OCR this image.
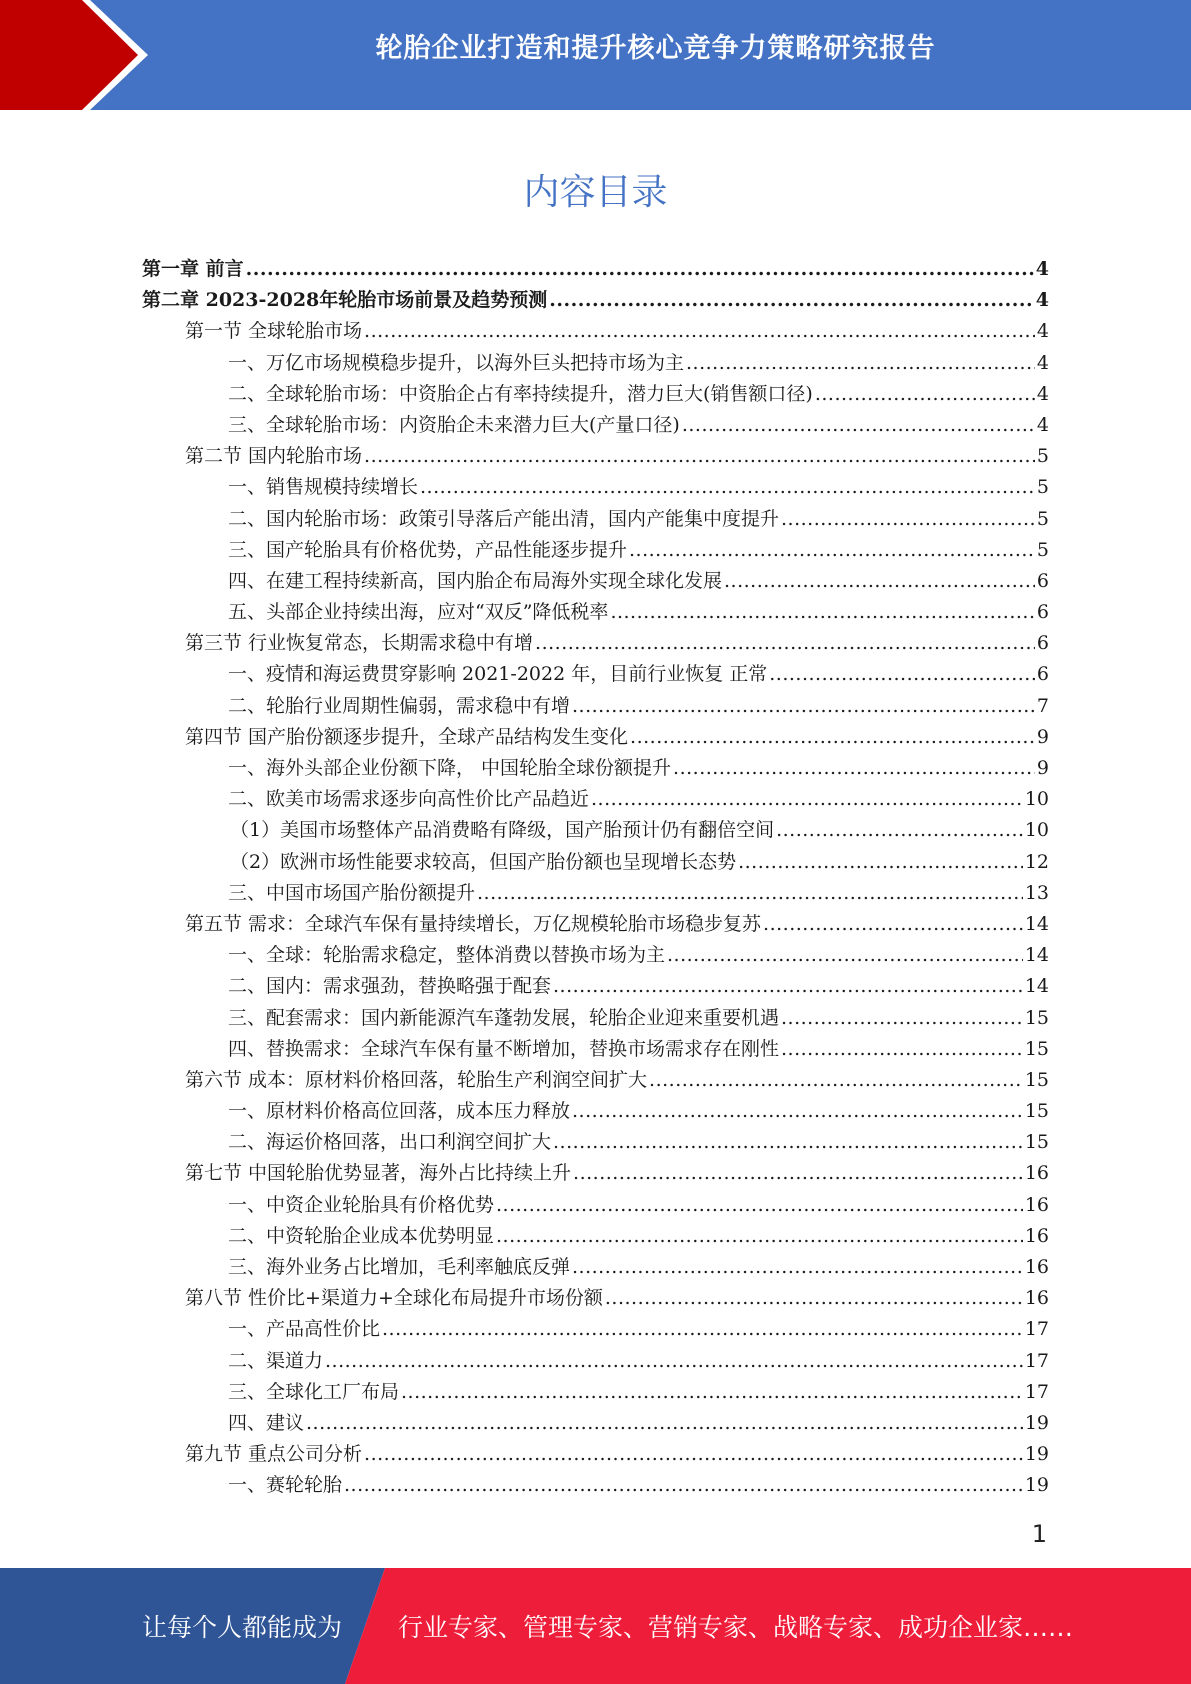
轮胎企业打造和提升核心竞争力策略研究报告
内容目录
第一章 前言 .....	4
第二章 2023-2028年轮胎市场前景及趋势预测 .....	4
第一节 全球轮胎市场 .....	4
一、万亿市场规模稳步提升，以海外巨头把持市场为主 .....	4
二、全球轮胎市场：中资胎企占有率持续提升，潜力巨大(销售额口径) .....	4
三、全球轮胎市场：内资胎企未来潜力巨大(产量口径) .....	4
第二节 国内轮胎市场 .....	5
一、销售规模持续增长 .....	5
二、国内轮胎市场：政策引导落后产能出清，国内产能集中度提升 .....	5
三、国产轮胎具有价格优势，产品性能逐步提升 .....	5
四、在建工程持续新高，国内胎企布局海外实现全球化发展 .....	6
五、头部企业持续出海，应对“双反”降低税率 .....	6
第三节 行业恢复常态，长期需求稳中有增 .....	6
一、疫情和海运费贯穿影响 2021-2022 年，目前行业恢复 正常 .....	6
二、轮胎行业周期性偏弱，需求稳中有增 .....	7
第四节 国产胎份额逐步提升，全球产品结构发生变化 .....	9
一、海外头部企业份额下降， 中国轮胎全球份额提升 .....	9
二、欧美市场需求逐步向高性价比产品趋近 .....	10
（1）美国市场整体产品消费略有降级，国产胎预计仍有翻倍空间 .....	10
（2）欧洲市场性能要求较高，但国产胎份额也呈现增长态势 .....	12
三、中国市场国产胎份额提升 .....	13
第五节 需求：全球汽车保有量持续增长，万亿规模轮胎市场稳步复苏 .....	14
一、全球：轮胎需求稳定，整体消费以替换市场为主 .....	14
二、国内：需求强劲，替换略强于配套 .....	14
三、配套需求：国内新能源汽车蓬勃发展，轮胎企业迎来重要机遇 .....	15
四、替换需求：全球汽车保有量不断增加，替换市场需求存在刚性 .....	15
第六节 成本：原材料价格回落，轮胎生产利润空间扩大 .....	15
一、原材料价格高位回落，成本压力释放 .....	15
二、海运价格回落，出口利润空间扩大 .....	15
第七节 中国轮胎优势显著，海外占比持续上升 .....	16
一、中资企业轮胎具有价格优势 .....	16
二、中资轮胎企业成本优势明显 .....	16
三、海外业务占比增加，毛利率触底反弹 .....	16
第八节 性价比+渠道力+全球化布局提升市场份额 .....	16
一、产品高性价比 .....	17
二、渠道力 .....	17
三、全球化工厂布局 .....	17
四、建议 .....	19
第九节 重点公司分析 .....	19
一、赛轮轮胎 .....	19
1
让每个人都能成为 行业专家、管理专家、营销专家、战略专家、成功企业家……
